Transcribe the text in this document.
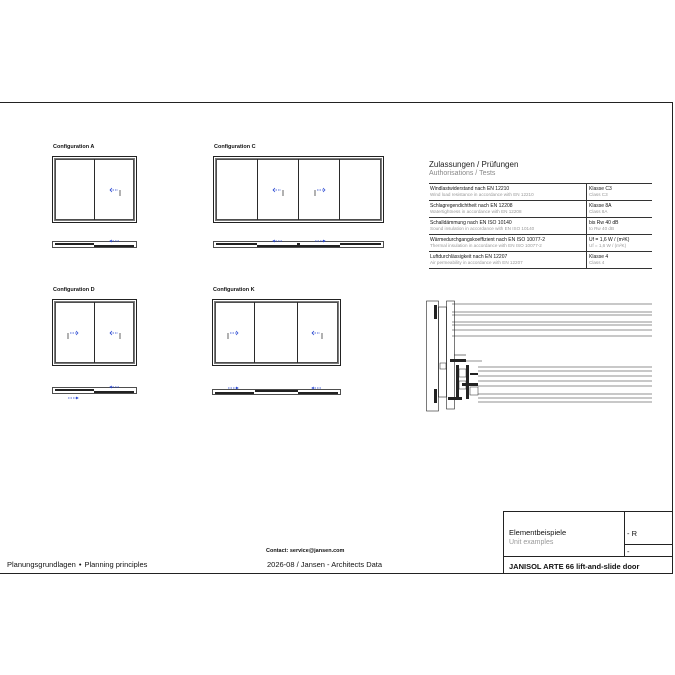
Configuration A	Configuration C
Configuration D	Configuration K
Zulassungen / Prüfungen
Authorisations / Tests
Windlastwiderstand nach EN 12210
Wind load resistance in accordance with EN 12210	Klasse C3
Class C3

Schlagregendichtheit nach EN 12208
Watertightness in accordance with EN 12208	Klasse 8A
Class 8A

Schalldämmung nach EN ISO 10140
Sound insulation in accordance with EN ISO 10140	bis Rw 40 dB
to Rw 40 dB

Wärmedurchgangskoeffizient nach EN ISO 10077-2
Thermal insulation in accordance with EN ISO 10077-2	Uf = 1,6 W / (m²K)
Uf = 1,6 W / (m²K)

Luftdurchlässigkeit nach EN 12207
Air permeability in accordance with EN 12207	Klasse 4
Class 4
Contact: service@jansen.com
Planungsgrundlagen • Planning principles	2026-08 / Jansen - Architects Data
Elementbeispiele
Unit examples
- R
-
JANISOL ARTE 66 lift-and-slide door
